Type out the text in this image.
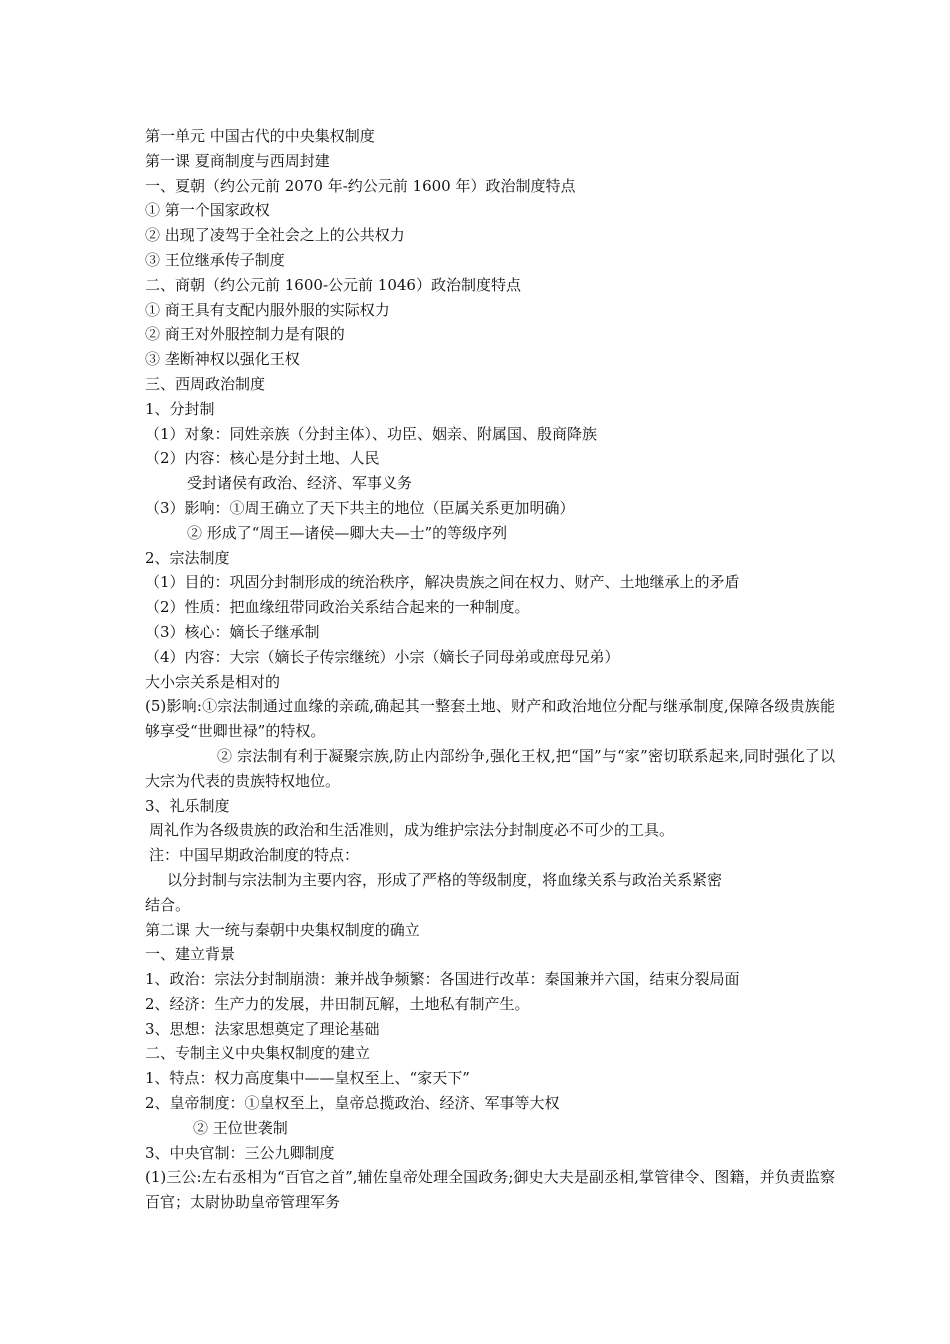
第一单元 中国古代的中央集权制度
第一课 夏商制度与西周封建
一、夏朝（约公元前 2070 年-约公元前 1600 年）政治制度特点
① 第一个国家政权
② 出现了凌驾于全社会之上的公共权力
③ 王位继承传子制度
二、商朝（约公元前 1600-公元前 1046）政治制度特点
① 商王具有支配内服外服的实际权力
② 商王对外服控制力是有限的
③ 垄断神权以强化王权
三、西周政治制度
1、分封制
（1）对象：同姓亲族（分封主体）、功臣、姻亲、附属国、殷商降族
（2）内容：核心是分封土地、人民
受封诸侯有政治、经济、军事义务
（3）影响：①周王确立了天下共主的地位（臣属关系更加明确）
② 形成了“周王—诸侯—卿大夫—士”的等级序列
2、宗法制度
（1）目的：巩固分封制形成的统治秩序，解决贵族之间在权力、财产、土地继承上的矛盾
（2）性质：把血缘纽带同政治关系结合起来的一种制度。
（3）核心：嫡长子继承制
（4）内容：大宗（嫡长子传宗继统）小宗（嫡长子同母弟或庶母兄弟）
大小宗关系是相对的
(5)影响:①宗法制通过血缘的亲疏,确起其一整套土地、财产和政治地位分配与继承制度,保障各级贵族能够享受“世卿世禄”的特权。
② 宗法制有利于凝聚宗族,防止内部纷争,强化王权,把“国”与“家”密切联系起来,同时强化了以大宗为代表的贵族特权地位。
3、礼乐制度
周礼作为各级贵族的政治和生活准则，成为维护宗法分封制度必不可少的工具。
注：中国早期政治制度的特点：
以分封制与宗法制为主要内容，形成了严格的等级制度，将血缘关系与政治关系紧密
结合。
第二课 大一统与秦朝中央集权制度的确立
一、建立背景
1、政治：宗法分封制崩溃：兼并战争频繁：各国进行改革：秦国兼并六国，结束分裂局面
2、经济：生产力的发展，井田制瓦解，土地私有制产生。
3、思想：法家思想奠定了理论基础
二、专制主义中央集权制度的建立
1、特点：权力高度集中——皇权至上、“家天下”
2、皇帝制度：①皇权至上，皇帝总揽政治、经济、军事等大权
② 王位世袭制
3、中央官制：三公九卿制度
(1)三公:左右丞相为“百官之首”,辅佐皇帝处理全国政务;御史大夫是副丞相,掌管律令、图籍，并负责监察百官；太尉协助皇帝管理军务
